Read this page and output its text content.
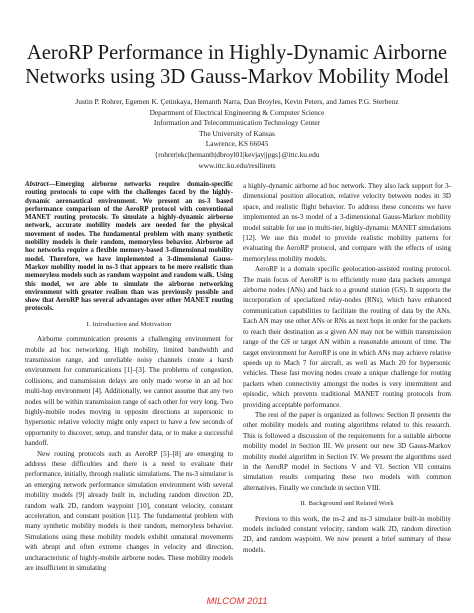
AeroRP Performance in Highly-Dynamic Airborne
Networks using 3D Gauss-Markov Mobility Model
Justin P. Rohrer, Egemen K. Çetinkaya, Hemanth Narra, Dan Broyles, Kevin Peters, and James P.G. Sterbenz
Department of Electrical Engineering & Computer Science
Information and Telecommunication Technology Center
The University of Kansas
Lawrence, KS 66045
{rohrer|ekc|hemanth|dbroyl01|kevjay|jpgs}@ittc.ku.edu
www.ittc.ku.edu/resilinets

Abstract—Emerging airborne networks require domain-specific routing protocols to cope with the challenges faced by the highly-dynamic aeronautical environment. We present an ns-3 based performance comparison of the AeroRP protocol with conventional MANET routing protocols. To simulate a highly-dynamic airborne network, accurate mobility models are needed for the physical movement of nodes. The fundamental problem with many synthetic mobility models is their random, memoryless behavior. Airborne ad hoc networks require a flexible memory-based 3-dimensional mobility model. Therefore, we have implemented a 3-dimensional Gauss-Markov mobility model in ns-3 that appears to be more realistic than memoryless models such as random waypoint and random walk. Using this model, we are able to simulate the airborne networking environment with greater realism than was previously possible and show that AeroRP has several advantages over other MANET routing protocols.

I. Introduction and Motivation

Airborne communication presents a challenging environment for mobile ad hoc networking. High mobility, limited bandwidth and transmission range, and unreliable noisy channels create a harsh environment for communications [1]–[3]. The problems of congestion, collisions, and transmission delays are only made worse in an ad hoc multi-hop environment [4]. Additionally, we cannot assume that any two nodes will be within transmission range of each other for very long. Two highly-mobile nodes moving in opposite directions at supersonic to hypersonic relative velocity might only expect to have a few seconds of opportunity to discover, setup, and transfer data, or to make a successful handoff.

New routing protocols such as AeroRP [5]–[8] are emerging to address these difficulties and there is a need to evaluate their performance, initially, through realistic simulations. The ns-3 simulator is an emerging network performance simulation environment with several mobility models [9] already built in, including random direction 2D, random walk 2D, random waypoint [10], constant velocity, constant acceleration, and constant position [11]. The fundamental problem with many synthetic mobility models is their random, memoryless behavior. Simulations using these mobility models exhibit unnatural movements with abrupt and often extreme changes in velocity and direction, uncharacteristic of highly-mobile airborne nodes. These mobility models are insufficient in simulating

a highly-dynamic airborne ad hoc network. They also lack support for 3-dimensional position allocation, relative velocity between nodes in 3D space, and realistic flight behavior. To address these concerns we have implemented an ns-3 model of a 3-dimensional Gauss-Markov mobility model suitable for use in multi-tier, highly-dynamic MANET simulations [12]. We use this model to provide realistic mobility patterns for evaluating the AeroRP protocol, and compare with the effects of using memoryless mobility models.

AeroRP is a domain specific geolocation-assisted routing protocol. The main focus of AeroRP is to efficiently route data packets amongst airborne nodes (ANs) and back to a ground station (GS). It supports the incorporation of specialized relay-nodes (RNs), which have enhanced communication capabilities to facilitate the routing of data by the ANs. Each AN may use other ANs or RNs as next hops in order for the packets to reach their destination as a given AN may not be within transmission range of the GS or target AN within a reasonable amount of time. The target environment for AeroRP is one in which ANs may achieve relative speeds up to Mach 7 for aircraft, as well as Mach 20 for hypersonic vehicles. These fast moving nodes create a unique challenge for routing packets when connectivity amongst the nodes is very intermittent and episodic, which prevents traditional MANET routing protocols from providing acceptable performance.

The rest of the paper is organized as follows: Section II presents the other mobility models and routing algorithms related to this research. This is followed a discussion of the requirements for a suitable airborne mobility model in Section III. We present our new 3D Gauss-Markov mobility model algorithm in Section IV. We present the algorithms used in the AeroRP model in Sections V and VI. Section VII contains simulation results comparing these two models with common alternatives. Finally we conclude in section VIII.

II. Background and Related Work

Previous to this work, the ns-2 and ns-3 simulator built-in mobility models included constant velocity, random walk 2D, random direction 2D, and random waypoint. We now present a brief summary of these models.

MILCOM 2011
